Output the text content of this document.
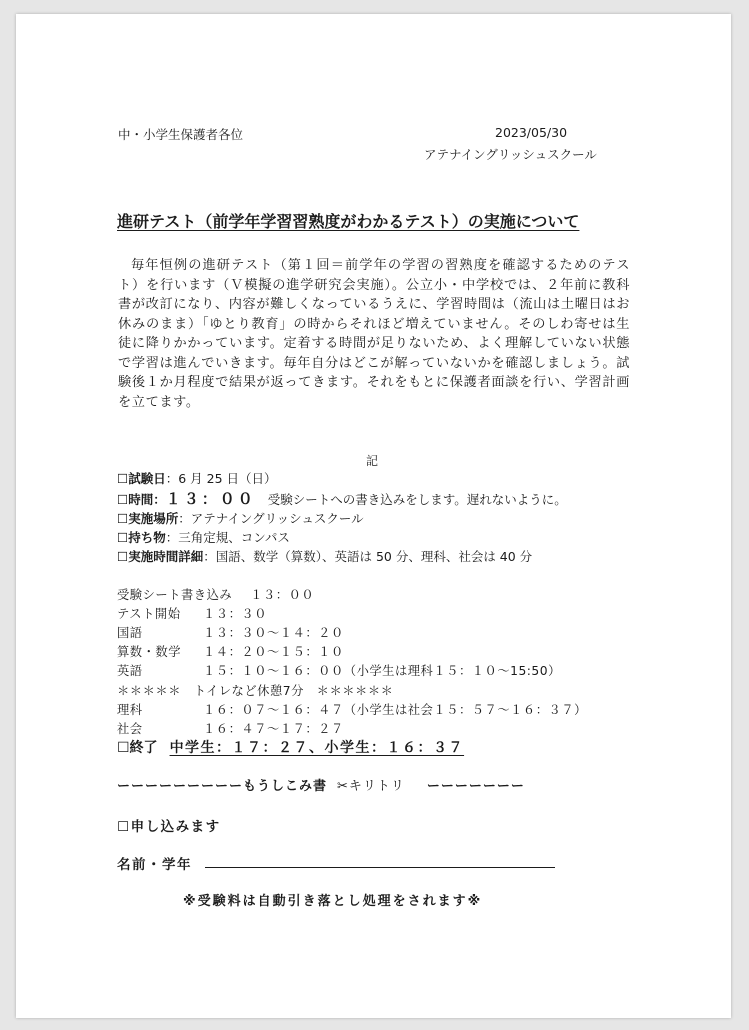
中・小学生保護者各位	2023/05/30
アテナイングリッシュスクール
進研テスト（前学年学習習熟度がわかるテスト）の実施について
毎年恒例の進研テスト（第１回＝前学年の学習の習熟度を確認するためのテスト）を行います（Ｖ模擬の進学研究会実施）。公立小・中学校では、２年前に教科書が改訂になり、内容が難しくなっているうえに、学習時間は（流山は土曜日はお休みのまま）「ゆとり教育」の時からそれほど増えていません。そのしわ寄せは生徒に降りかかっています。定着する時間が足りないため、よく理解していない状態で学習は進んでいきます。毎年自分はどこが解っていないかを確認しましょう。試験後１か月程度で結果が返ってきます。それをもとに保護者面談を行い、学習計画を立てます。
記
☐試験日：6 月 25 日（日）
☐時間：１３：００ 受験シートへの書き込みをします。遅れないように。
☐実施場所：アテナイングリッシュスクール
☐持ち物：三角定規、コンパス
☐実施時間詳細：国語、数学（算数）、英語は 50 分、理科、社会は 40 分
受験シート書き込み １３：００
テスト開始 １３：３０
国語	１３：３０〜１４：２０
算数・数学 １４：２０〜１５：１０
英語	１５：１０〜１６：００（小学生は理科１５：１０〜15:50）
＊＊＊＊＊　トイレなど休憩7分　＊＊＊＊＊＊
理科	１６：０７〜１６：４７（小学生は社会１５：５７〜１６：３７）
社会	１６：４７〜１７：２７
☐終了 中学生：１７：２７、小学生：１６：３７
ーーーーーーーーーもうしこみ書 ✂キリトリ ーーーーーーー
☐申し込みます
名前・学年
※受験料は自動引き落とし処理をされます※
